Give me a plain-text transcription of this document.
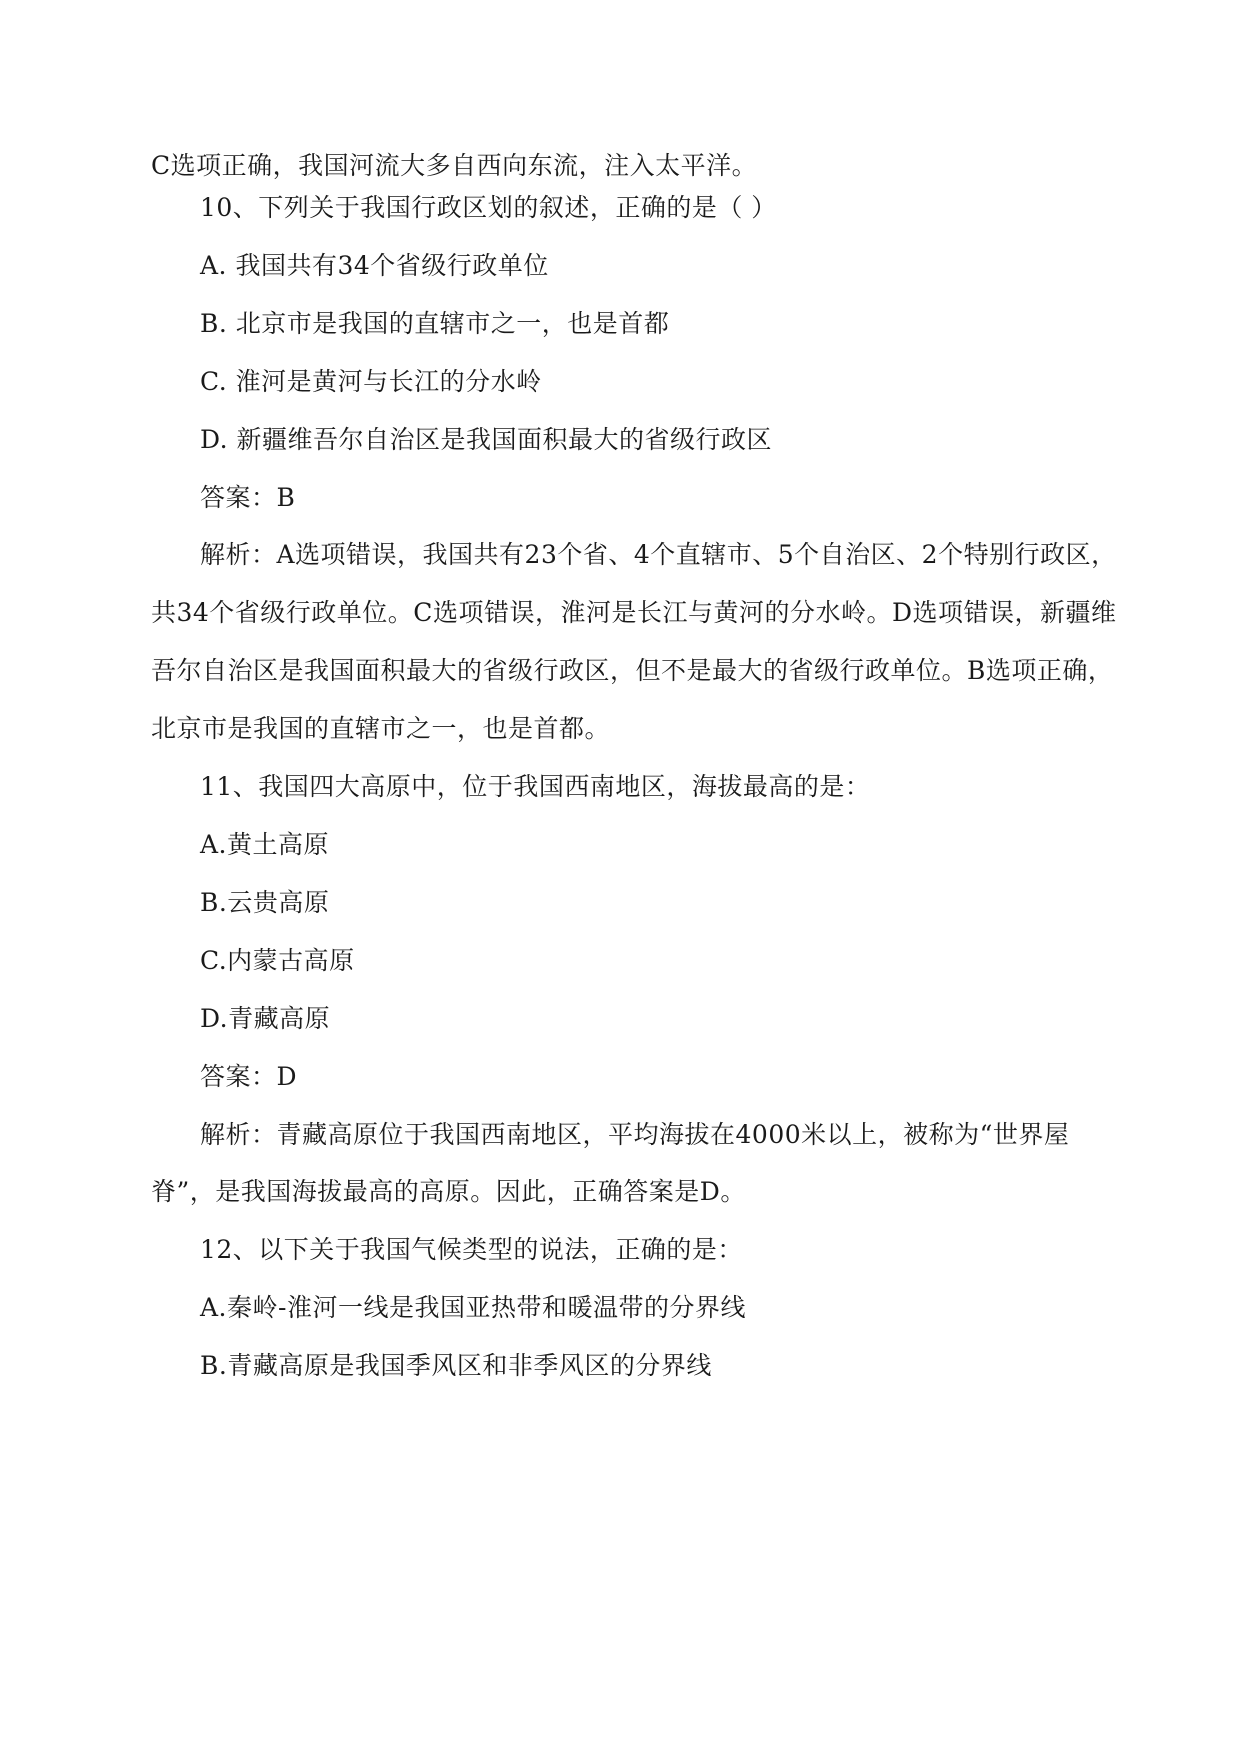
C选项正确，我国河流大多自西向东流，注入太平洋。
10、下列关于我国行政区划的叙述，正确的是（ ）
A. 我国共有34个省级行政单位
B. 北京市是我国的直辖市之一，也是首都
C. 淮河是黄河与长江的分水岭
D. 新疆维吾尔自治区是我国面积最大的省级行政区
答案：B
解析：A选项错误，我国共有23个省、4个直辖市、5个自治区、2个特别行政区，
共34个省级行政单位。C选项错误，淮河是长江与黄河的分水岭。D选项错误，新疆维
吾尔自治区是我国面积最大的省级行政区，但不是最大的省级行政单位。B选项正确，
北京市是我国的直辖市之一，也是首都。
11、我国四大高原中，位于我国西南地区，海拔最高的是：
A.黄土高原
B.云贵高原
C.内蒙古高原
D.青藏高原
答案：D
解析：青藏高原位于我国西南地区，平均海拔在4000米以上，被称为“世界屋
脊”，是我国海拔最高的高原。因此，正确答案是D。
12、以下关于我国气候类型的说法，正确的是：
A.秦岭-淮河一线是我国亚热带和暖温带的分界线
B.青藏高原是我国季风区和非季风区的分界线
